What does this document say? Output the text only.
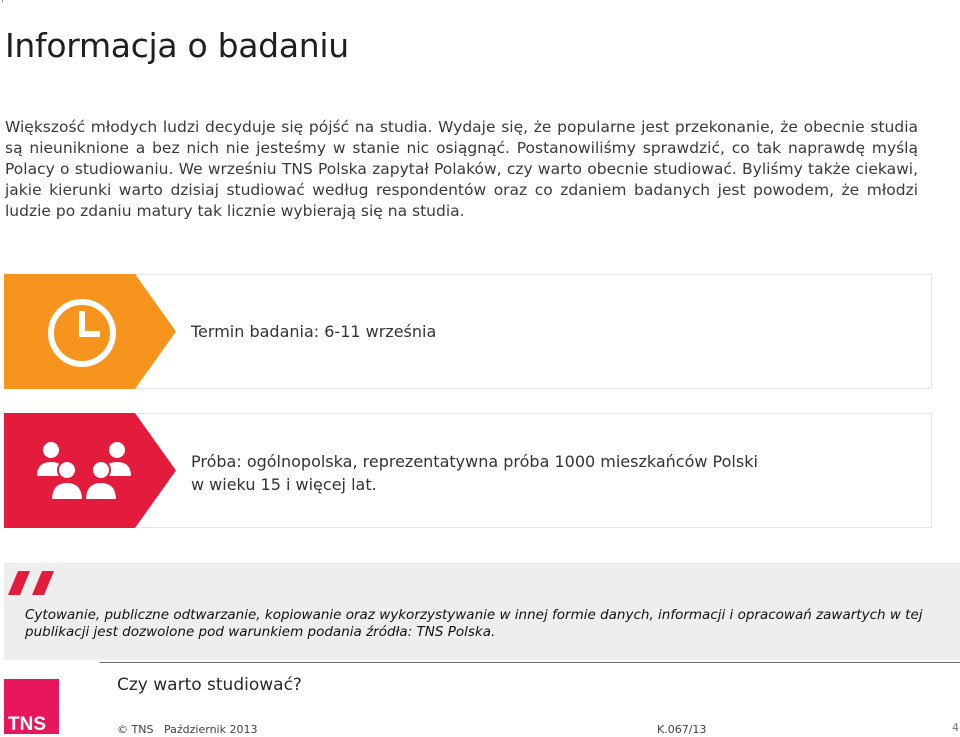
Informacja o badaniu

Większość młodych ludzi decyduje się pójść na studia. Wydaje się, że popularne jest przekonanie, że obecnie studia są nieuniknione a bez nich nie jesteśmy w stanie nic osiągnąć. Postanowiliśmy sprawdzić, co tak naprawdę myślą Polacy o studiowaniu. We wrześniu TNS Polska zapytał Polaków, czy warto obecnie studiować. Byliśmy także ciekawi, jakie kierunki warto dzisiaj studiować według respondentów oraz co zdaniem badanych jest powodem, że młodzi ludzie po zdaniu matury tak licznie wybierają się na studia.

Termin badania: 6-11 września
Próba: ogólnopolska, reprezentatywna próba 1000 mieszkańców Polski
w wieku 15 i więcej lat.
Cytowanie, publiczne odtwarzanie, kopiowanie oraz wykorzystywanie w innej formie danych, informacji i opracowań zawartych w tej publikacji jest dozwolone pod warunkiem podania źródła: TNS Polska.
TNS
Czy warto studiować?
© TNS Październik 2013	K.067/13	4
